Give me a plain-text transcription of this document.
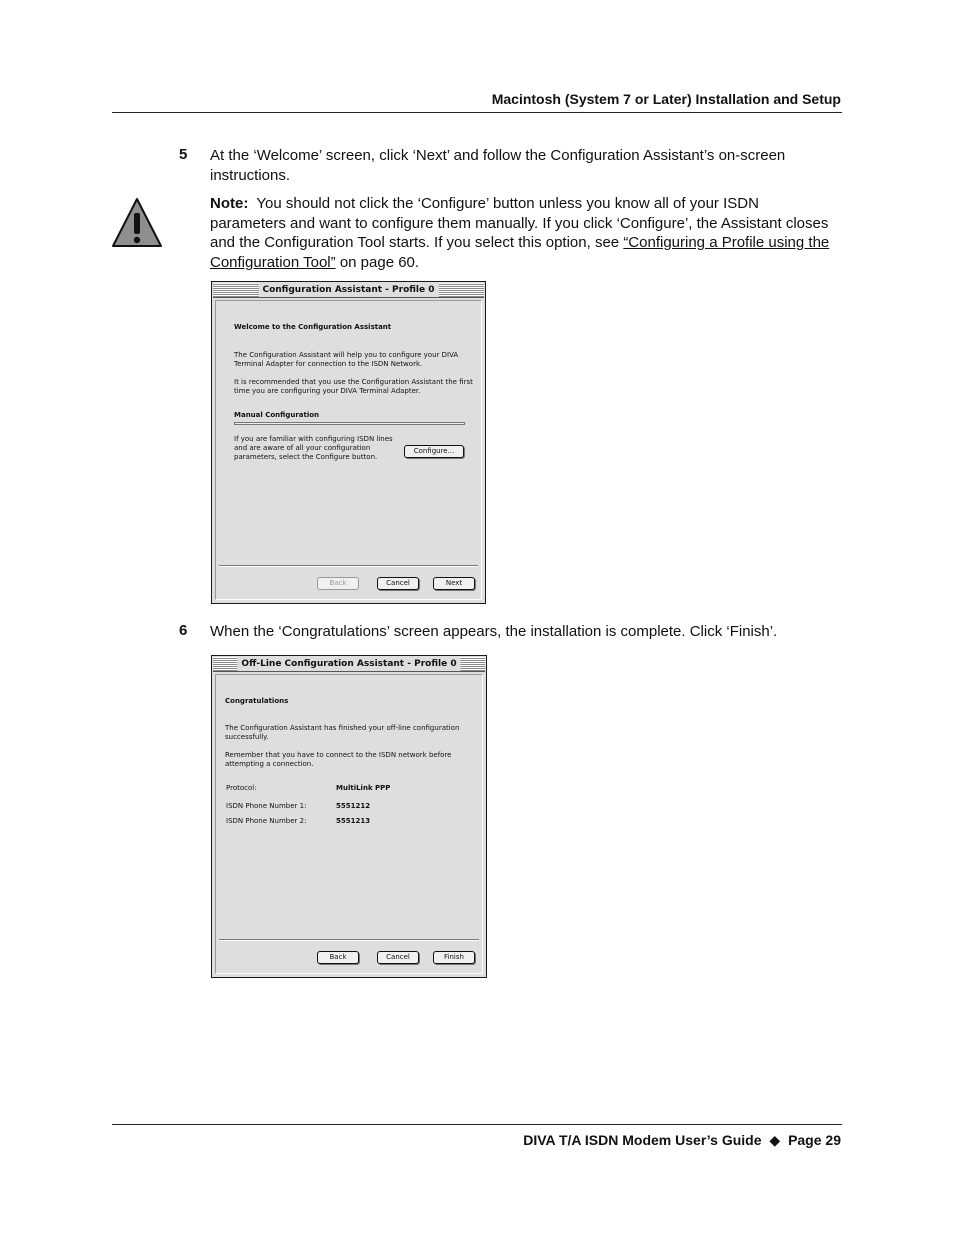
Macintosh (System 7 or Later) Installation and Setup
5 At the ‘Welcome’ screen, click ‘Next’ and follow the Configuration Assistant’s on-screen instructions.
Note: You should not click the ‘Configure’ button unless you know all of your ISDN parameters and want to configure them manually. If you click ‘Configure’, the Assistant closes and the Configuration Tool starts. If you select this option, see “Configuring a Profile using the Configuration Tool” on page 60.
Configuration Assistant - Profile 0
Welcome to the Configuration Assistant
The Configuration Assistant will help you to configure your DIVA Terminal Adapter for connection to the ISDN Network.
It is recommended that you use the Configuration Assistant the first time you are configuring your DIVA Terminal Adapter.
Manual Configuration
If you are familiar with configuring ISDN lines and are aware of all your configuration parameters, select the Configure button.
Configure...
Back	Cancel	Next
6 When the ‘Congratulations’ screen appears, the installation is complete. Click ‘Finish’.
Off-Line Configuration Assistant - Profile 0
Congratulations
The Configuration Assistant has finished your off-line configuration successfully.
Remember that you have to connect to the ISDN network before attempting a connection.
Protocol:	MultiLink PPP
ISDN Phone Number 1:	5551212
ISDN Phone Number 2:	5551213
Back	Cancel	Finish
DIVA T/A ISDN Modem User’s Guide ◆ Page 29
